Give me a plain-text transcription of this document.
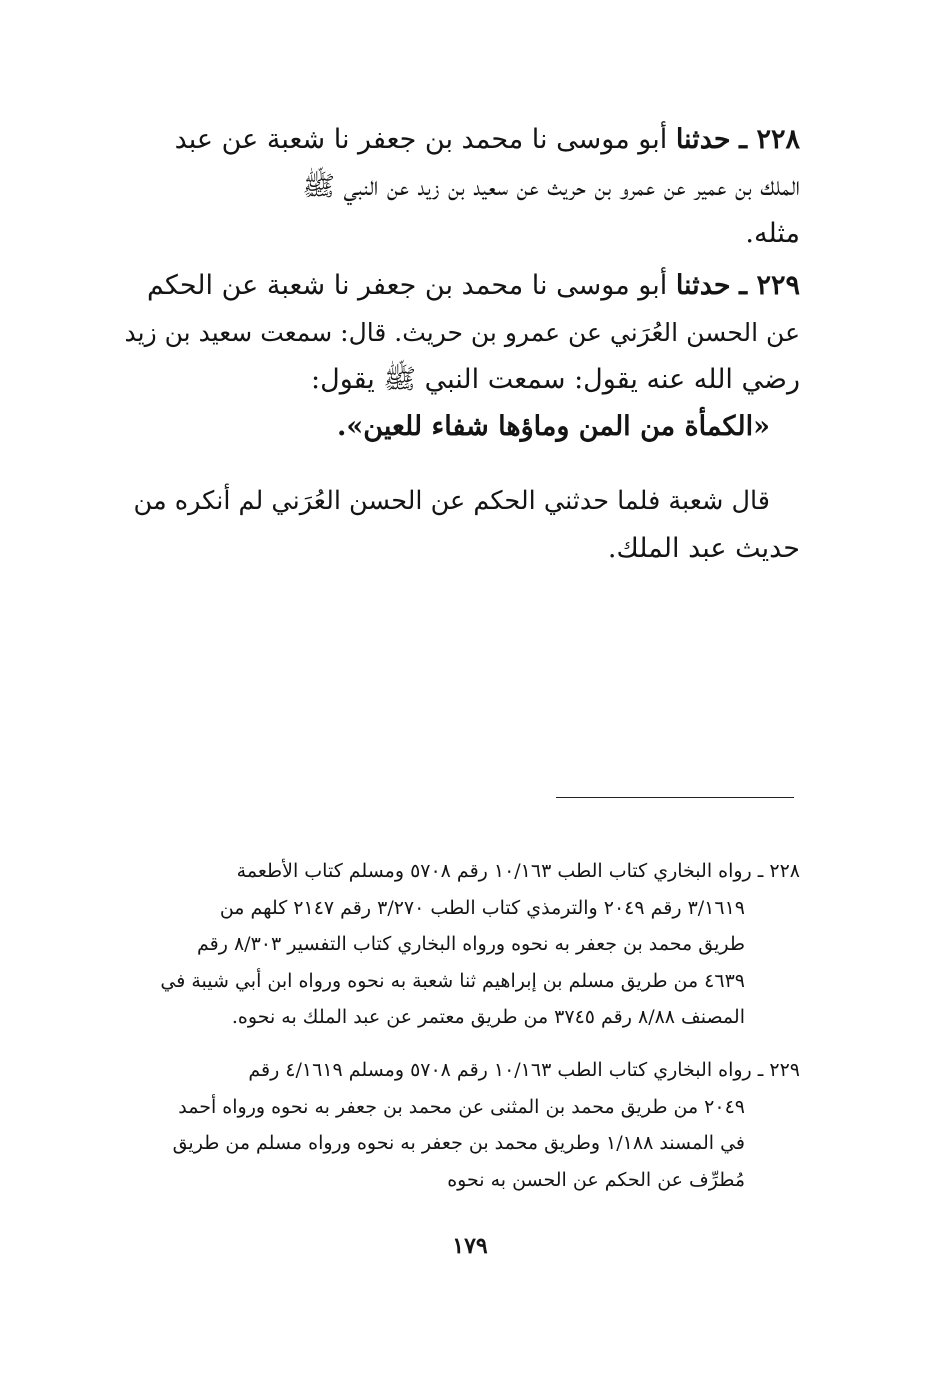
٢٢٨ ـ حدثنا أبو موسى نا محمد بن جعفر نا شعبة عن عبد
الملك بن عمير عن عمرو بن حريث عن سعيد بن زيد عن النبي ﷺ
مثله.
٢٢٩ ـ حدثنا أبو موسى نا محمد بن جعفر نا شعبة عن الحكم
عن الحسن العُرَني عن عمرو بن حريث. قال: سمعت سعيد بن زيد
رضي الله عنه يقول: سمعت النبي ﷺ يقول:
«الكمأة من المن وماؤها شفاء للعين».
قال شعبة فلما حدثني الحكم عن الحسن العُرَني لم أنكره من
حديث عبد الملك.
٢٢٨ ـ رواه البخاري كتاب الطب ١٠/١٦٣ رقم ٥٧٠٨ ومسلم كتاب الأطعمة
٣/١٦١٩ رقم ٢٠٤٩ والترمذي كتاب الطب ٣/٢٧٠ رقم ٢١٤٧ كلهم من
طريق محمد بن جعفر به نحوه ورواه البخاري كتاب التفسير ٨/٣٠٣ رقم
٤٦٣٩ من طريق مسلم بن إبراهيم ثنا شعبة به نحوه ورواه ابن أبي شيبة في
المصنف ٨/٨٨ رقم ٣٧٤٥ من طريق معتمر عن عبد الملك به نحوه.
٢٢٩ ـ رواه البخاري كتاب الطب ١٠/١٦٣ رقم ٥٧٠٨ ومسلم ٤/١٦١٩ رقم
٢٠٤٩ من طريق محمد بن المثنى عن محمد بن جعفر به نحوه ورواه أحمد
في المسند ١/١٨٨ وطريق محمد بن جعفر به نحوه ورواه مسلم من طريق
مُطرِّف عن الحكم عن الحسن به نحوه
١٧٩
